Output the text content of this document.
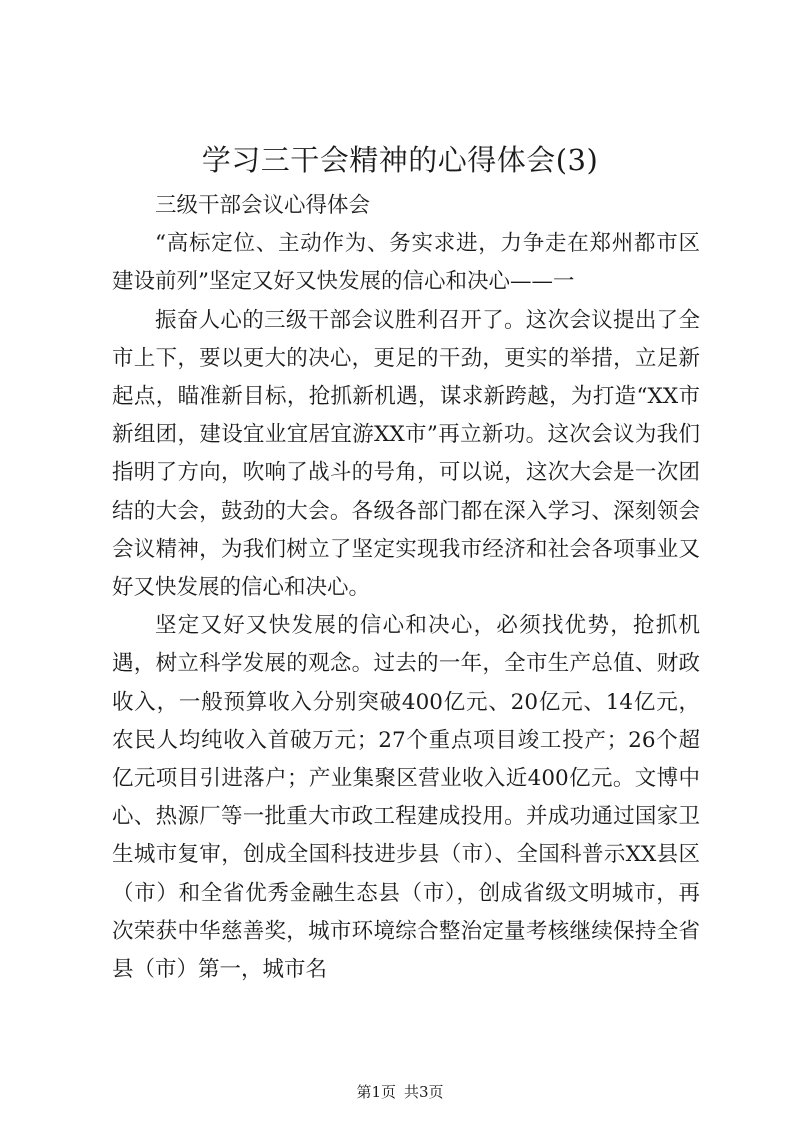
学习三干会精神的心得体会(3)

三级干部会议心得体会

“高标定位、主动作为、务实求进，力争走在郑州都市区建设前列”坚定又好又快发展的信心和决心——一

振奋人心的三级干部会议胜利召开了。这次会议提出了全市上下，要以更大的决心，更足的干劲，更实的举措，立足新起点，瞄准新目标，抢抓新机遇，谋求新跨越，为打造“XX市新组团，建设宜业宜居宜游XX市”再立新功。这次会议为我们指明了方向，吹响了战斗的号角，可以说，这次大会是一次团结的大会，鼓劲的大会。各级各部门都在深入学习、深刻领会会议精神，为我们树立了坚定实现我市经济和社会各项事业又好又快发展的信心和决心。

坚定又好又快发展的信心和决心，必须找优势，抢抓机遇，树立科学发展的观念。过去的一年，全市生产总值、财政收入，一般预算收入分别突破400亿元、20亿元、14亿元，农民人均纯收入首破万元；27个重点项目竣工投产；26个超亿元项目引进落户；产业集聚区营业收入近400亿元。文博中心、热源厂等一批重大市政工程建成投用。并成功通过国家卫生城市复审，创成全国科技进步县（市）、全国科普示XX县区（市）和全省优秀金融生态县（市），创成省级文明城市，再次荣获中华慈善奖，城市环境综合整治定量考核继续保持全省县（市）第一，城市名

第1页 共3页
